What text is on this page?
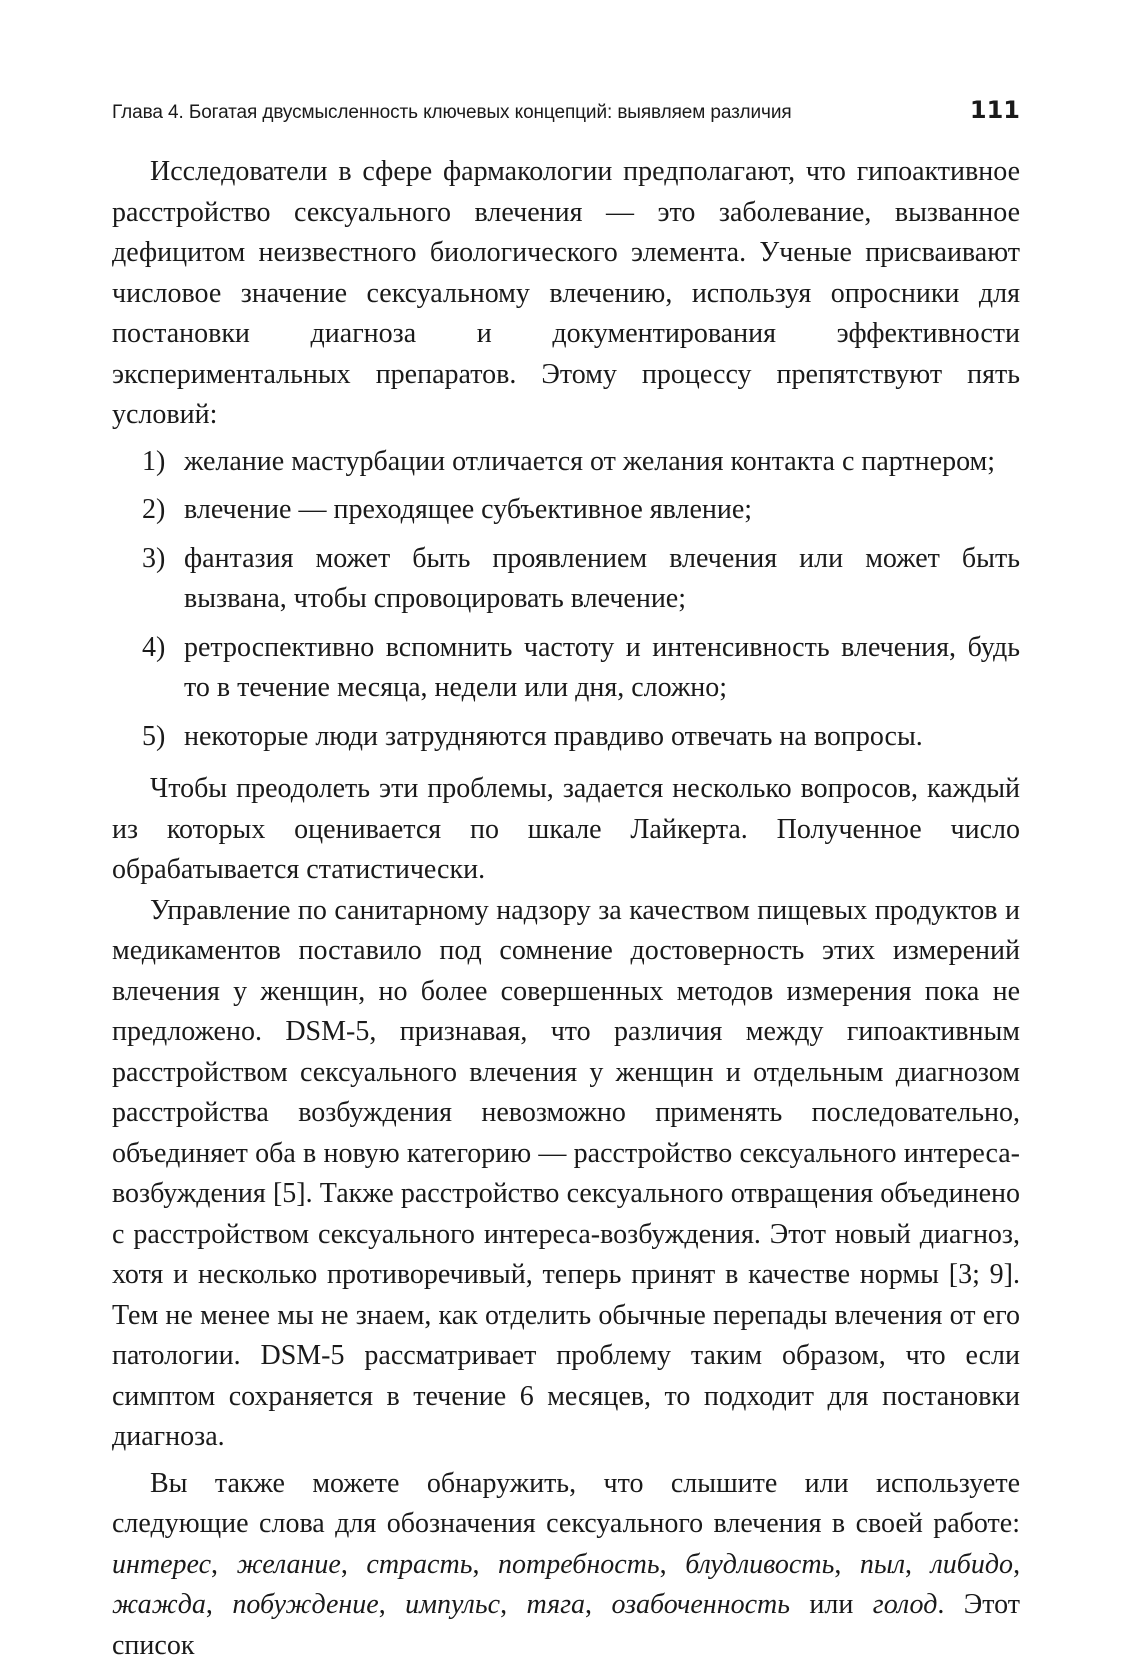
Глава 4. Богатая двусмысленность ключевых концепций: выявляем различия	111

Исследователи в сфере фармакологии предполагают, что гипоактивное расстройство сексуального влечения — это заболевание, вызванное дефицитом неизвестного биологического элемента. Ученые присваивают числовое значение сексуальному влечению, используя опросники для постановки диагноза и документирования эффективности экспериментальных препаратов. Этому процессу препятствуют пять условий:

1) желание мастурбации отличается от желания контакта с партнером;
2) влечение — преходящее субъективное явление;
3) фантазия может быть проявлением влечения или может быть вызвана, чтобы спровоцировать влечение;
4) ретроспективно вспомнить частоту и интенсивность влечения, будь то в течение месяца, недели или дня, сложно;
5) некоторые люди затрудняются правдиво отвечать на вопросы.

Чтобы преодолеть эти проблемы, задается несколько вопросов, каждый из которых оценивается по шкале Лайкерта. Полученное число обрабатывается статистически.

Управление по санитарному надзору за качеством пищевых продуктов и медикаментов поставило под сомнение достоверность этих измерений влечения у женщин, но более совершенных методов измерения пока не предложено. DSM-5, признавая, что различия между гипоактивным расстройством сексуального влечения у женщин и отдельным диагнозом расстройства возбуждения невозможно применять последовательно, объединяет оба в новую категорию — расстройство сексуального интереса-возбуждения [5]. Также расстройство сексуального отвращения объединено с расстройством сексуального интереса-возбуждения. Этот новый диагноз, хотя и несколько противоречивый, теперь принят в качестве нормы [3; 9]. Тем не менее мы не знаем, как отделить обычные перепады влечения от его патологии. DSM-5 рассматривает проблему таким образом, что если симптом сохраняется в течение 6 месяцев, то подходит для постановки диагноза.

Вы также можете обнаружить, что слышите или используете следующие слова для обозначения сексуального влечения в своей работе: интерес, желание, страсть, потребность, блудливость, пыл, либидо, жажда, побуждение, импульс, тяга, озабоченность или голод. Этот список
